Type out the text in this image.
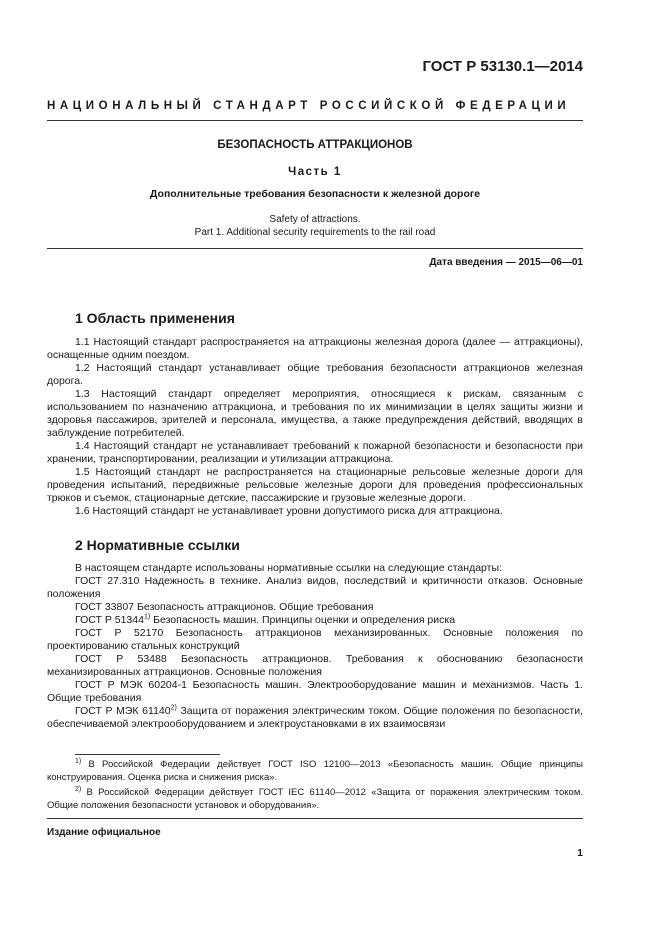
ГОСТ Р 53130.1—2014
НАЦИОНАЛЬНЫЙ СТАНДАРТ РОССИЙСКОЙ ФЕДЕРАЦИИ
БЕЗОПАСНОСТЬ АТТРАКЦИОНОВ
Часть 1
Дополнительные требования безопасности к железной дороге
Safety of attractions.
Part 1. Additional security requirements to the rail road
Дата введения — 2015—06—01
1 Область применения

1.1 Настоящий стандарт распространяется на аттракционы железная дорога (далее — аттракционы), оснащенные одним поездом.

1.2 Настоящий стандарт устанавливает общие требования безопасности аттракционов железная дорога.

1.3 Настоящий стандарт определяет мероприятия, относящиеся к рискам, связанным с использованием по назначению аттракциона, и требования по их минимизации в целях защиты жизни и здоровья пассажиров, зрителей и персонала, имущества, а также предупреждения действий, вводящих в заблуждение потребителей.

1.4 Настоящий стандарт не устанавливает требований к пожарной безопасности и безопасности при хранении, транспортировании, реализации и утилизации аттракциона.

1.5 Настоящий стандарт не распространяется на стационарные рельсовые железные дороги для проведения испытаний, передвижные рельсовые железные дороги для проведения профессиональных трюков и съемок, стационарные детские, пассажирские и грузовые железные дороги.

1.6 Настоящий стандарт не устанавливает уровни допустимого риска для аттракциона.

2 Нормативные ссылки

В настоящем стандарте использованы нормативные ссылки на следующие стандарты:

ГОСТ 27.310 Надежность в технике. Анализ видов, последствий и критичности отказов. Основные положения

ГОСТ 33807 Безопасность аттракционов. Общие требования

ГОСТ Р 51344$^{1)}$ Безопасность машин. Принципы оценки и определения риска

ГОСТ Р 52170 Безопасность аттракционов механизированных. Основные положения по проектированию стальных конструкций

ГОСТ Р 53488 Безопасность аттракционов. Требования к обоснованию безопасности механизированных аттракционов. Основные положения

ГОСТ Р МЭК 60204-1 Безопасность машин. Электрооборудование машин и механизмов. Часть 1. Общие требования

ГОСТ Р МЭК 61140$^{2)}$ Защита от поражения электрическим током. Общие положения по безопасности, обеспечиваемой электрооборудованием и электроустановками в их взаимосвязи

$^{1)}$ В Российской Федерации действует ГОСТ ISO 12100—2013 «Безопасность машин. Общие принципы конструирования. Оценка риска и снижения риска».

$^{2)}$ В Российской Федерации действует ГОСТ IEC 61140—2012 «Защита от поражения электрическим током. Общие положения безопасности установок и оборудования».

Издание официальное
1
